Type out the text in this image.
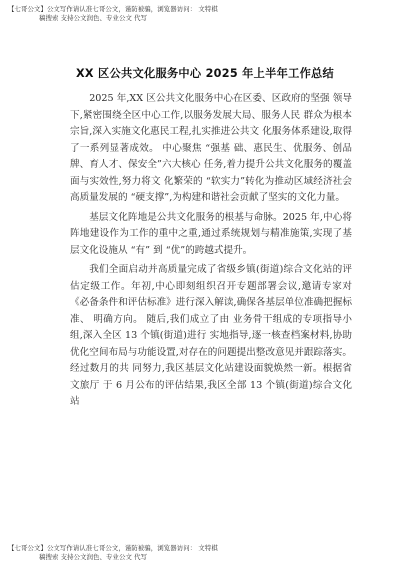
【七哥公文】公文写作请认准七哥公文，谨防被骗，浏览器访问： 文特棋
稿搜索 支持公文润色、专业公文 代写
XX 区公共文化服务中心 2025 年上半年工作总结

2025 年,XX 区公共文化服务中心在区委、区政府的坚强 领导下,紧密围绕全区中心工作,以服务发展大局、服务人民 群众为根本宗旨,深入实施文化惠民工程,扎实推进公共文 化服务体系建设,取得了一系列显著成效。 中心聚焦 “强基 础、惠民生、优服务、创品牌、育人才、保安全”六大核心 任务,着力提升公共文化服务的覆盖面与实效性,努力将文 化繁荣的 “软实力”转化为推动区域经济社会高质量发展的 “硬支撑”,为构建和谐社会贡献了坚实的文化力量。

基层文化阵地是公共文化服务的根基与命脉。2025 年,中心将阵地建设作为工作的重中之重,通过系统规划与精准施策,实现了基层文化设施从 “有” 到 “优”的跨越式提升。

我们全面启动并高质量完成了省级乡镇(街道)综合文化站的评估定级工作。年初,中心即刻组织召开专题部署会议,邀请专家对《必备条件和评估标准》进行深入解读,确保各基层单位准确把握标准、 明确方向。 随后,我们成立了由 业务骨干组成的专项指导小组,深入全区 13 个镇(街道)进行 实地指导,逐一核查档案材料,协助优化空间布局与功能设置,对存在的问题提出整改意见并跟踪落实。经过数月的共 同努力,我区基层文化站建设面貌焕然一新。根据省文旅厅 于 6 月公布的评估结果,我区全部 13 个镇(街道)综合文化站

【七哥公文】公文写作请认准七哥公文，谨防被骗，浏览器访问： 文特棋
稿搜索 支持公文润色、专业公文 代写
